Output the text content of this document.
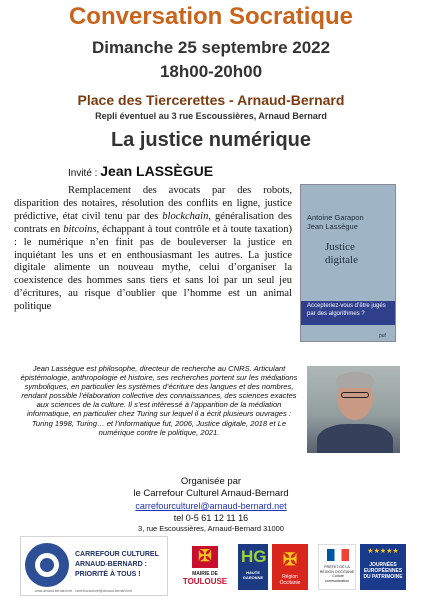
Conversation Socratique
Dimanche 25 septembre 2022
18h00-20h00
Place des Tiercerettes - Arnaud-Bernard
Repli éventuel au 3 rue Escoussières, Arnaud Bernard
La justice numérique
Invité : Jean LASSÈGUE

Remplacement des avocats par des robots, disparition des notaires, résolution des conflits en ligne, justice prédictive, état civil tenu par des blockchain, généralisation des contrats en bitcoins, échappant à tout contrôle et à toute taxation) : le numérique n’en finit pas de bouleverser la justice en inquiétant les uns et en enthousiasmant les autres. La justice digitale alimente un nouveau mythe, celui d’organiser la coexistence des hommes sans tiers et sans loi par un seul jeu d’écritures, au risque d’oublier que l’homme est un animal politique

Antoine Garapon
Jean Lassègue
Justice
digitale
Accepteriez-vous d’être jugés par des algorithmes ?
puf

Jean Lassègue est philosophe, directeur de recherche au CNRS. Articulant épistémologie, anthropologie et histoire, ses recherches portent sur les médiations symboliques, en particulier les systèmes d’écriture des langues et des nombres, rendant possible l’élaboration collective des connaissances, des sciences exactes aux sciences de la culture. Il s’est intéressé à l’apparition de la médiation informatique, en particulier chez Turing sur lequel il a écrit plusieurs ouvrages : Turing 1998, Turing… et l’informatique fut, 2006, Justice digitale, 2018 et Le numérique contre le politique, 2021.

Organisée par
le Carrefour Culturel Arnaud-Bernard
carrefourculturel@arnaud-bernard.net
tel 0-5 61 12 11 16
3, rue Escoussières, Arnaud-Bernard 31000
CARREFOUR CULTUREL
ARNAUD-BERNARD :
PRIORITÉ À TOUS !
www.arnaud-bernard.net · carrefourculturel@arnaud-bernard.net
✠
MAIRIE DE
TOULOUSE
HG
HAUTE GARONNE
✠
Région Occitanie
PRÉFET DE LA RÉGION OCCITANIE · Culture communication
★★★★★
JOURNÉES EUROPÉENNES DU PATRIMOINE
